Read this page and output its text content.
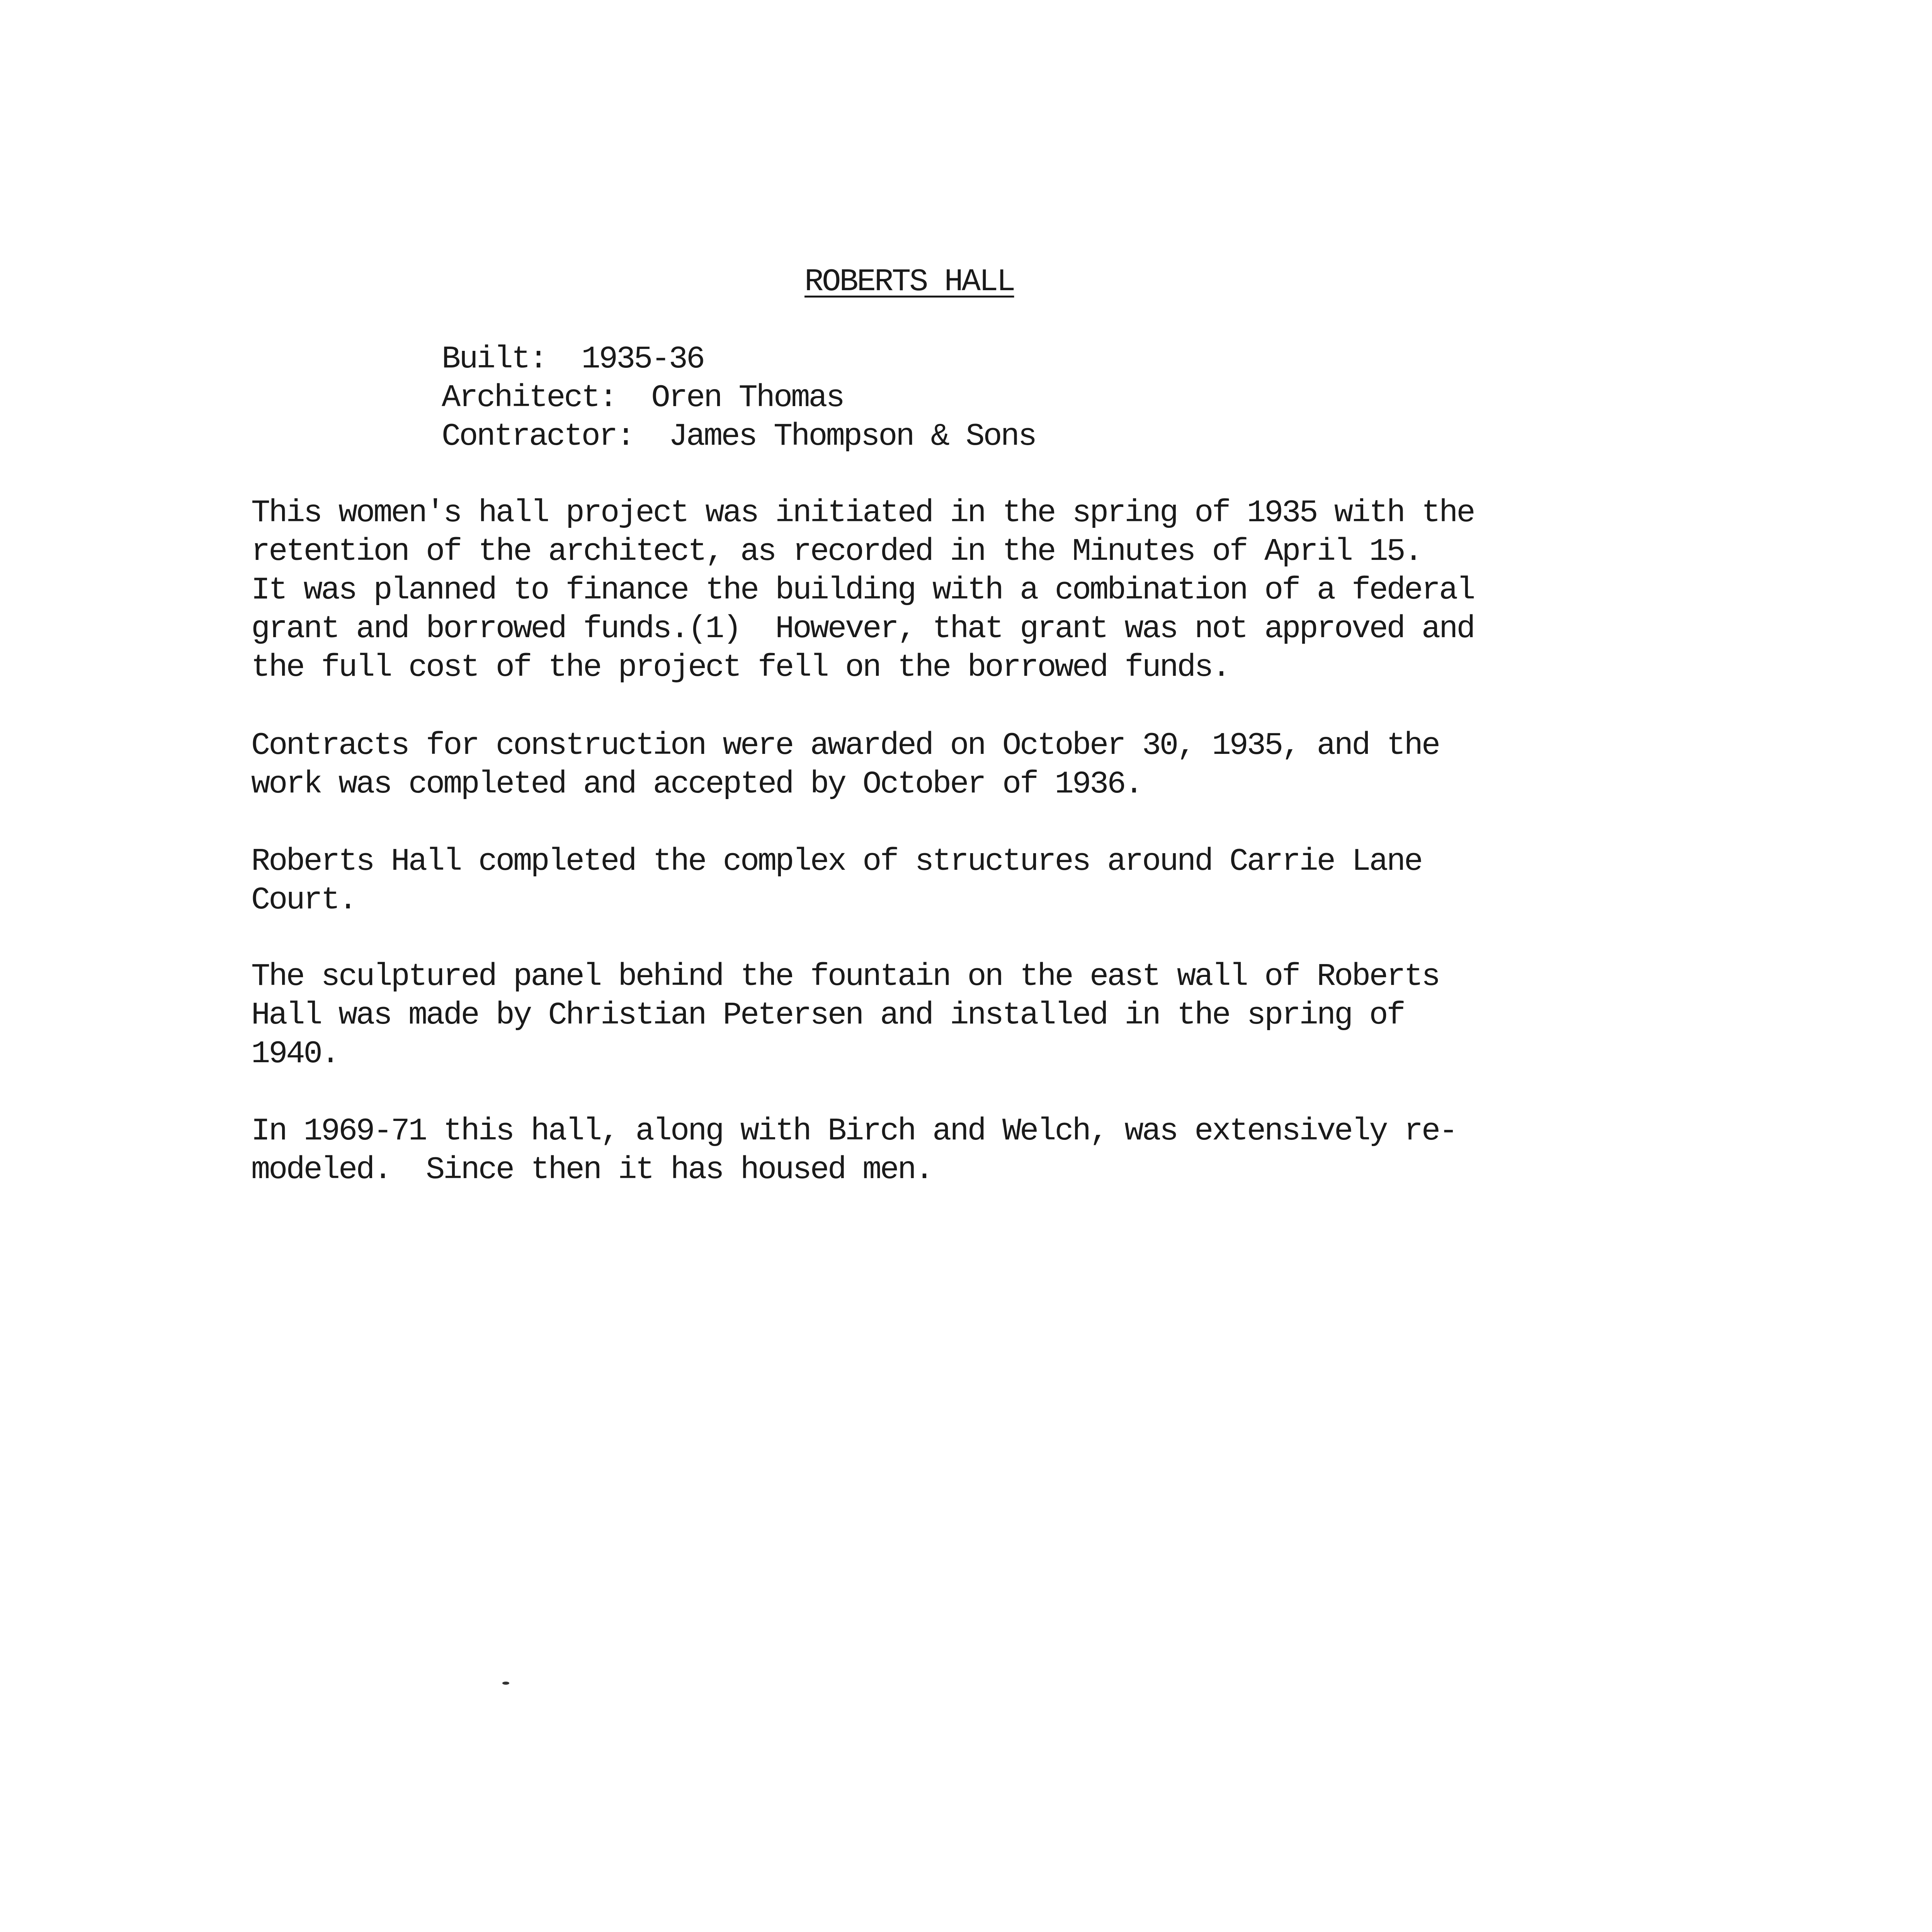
ROBERTS HALL
Built:  1935-36
Architect:  Oren Thomas
Contractor:  James Thompson & Sons
This women's hall project was initiated in the spring of 1935 with the
retention of the architect, as recorded in the Minutes of April 15.
It was planned to finance the building with a combination of a federal
grant and borrowed funds.(1)  However, that grant was not approved and
the full cost of the project fell on the borrowed funds.
Contracts for construction were awarded on October 30, 1935, and the
work was completed and accepted by October of 1936.
Roberts Hall completed the complex of structures around Carrie Lane
Court.
The sculptured panel behind the fountain on the east wall of Roberts
Hall was made by Christian Petersen and installed in the spring of
1940.
In 1969-71 this hall, along with Birch and Welch, was extensively re-
modeled.  Since then it has housed men.
